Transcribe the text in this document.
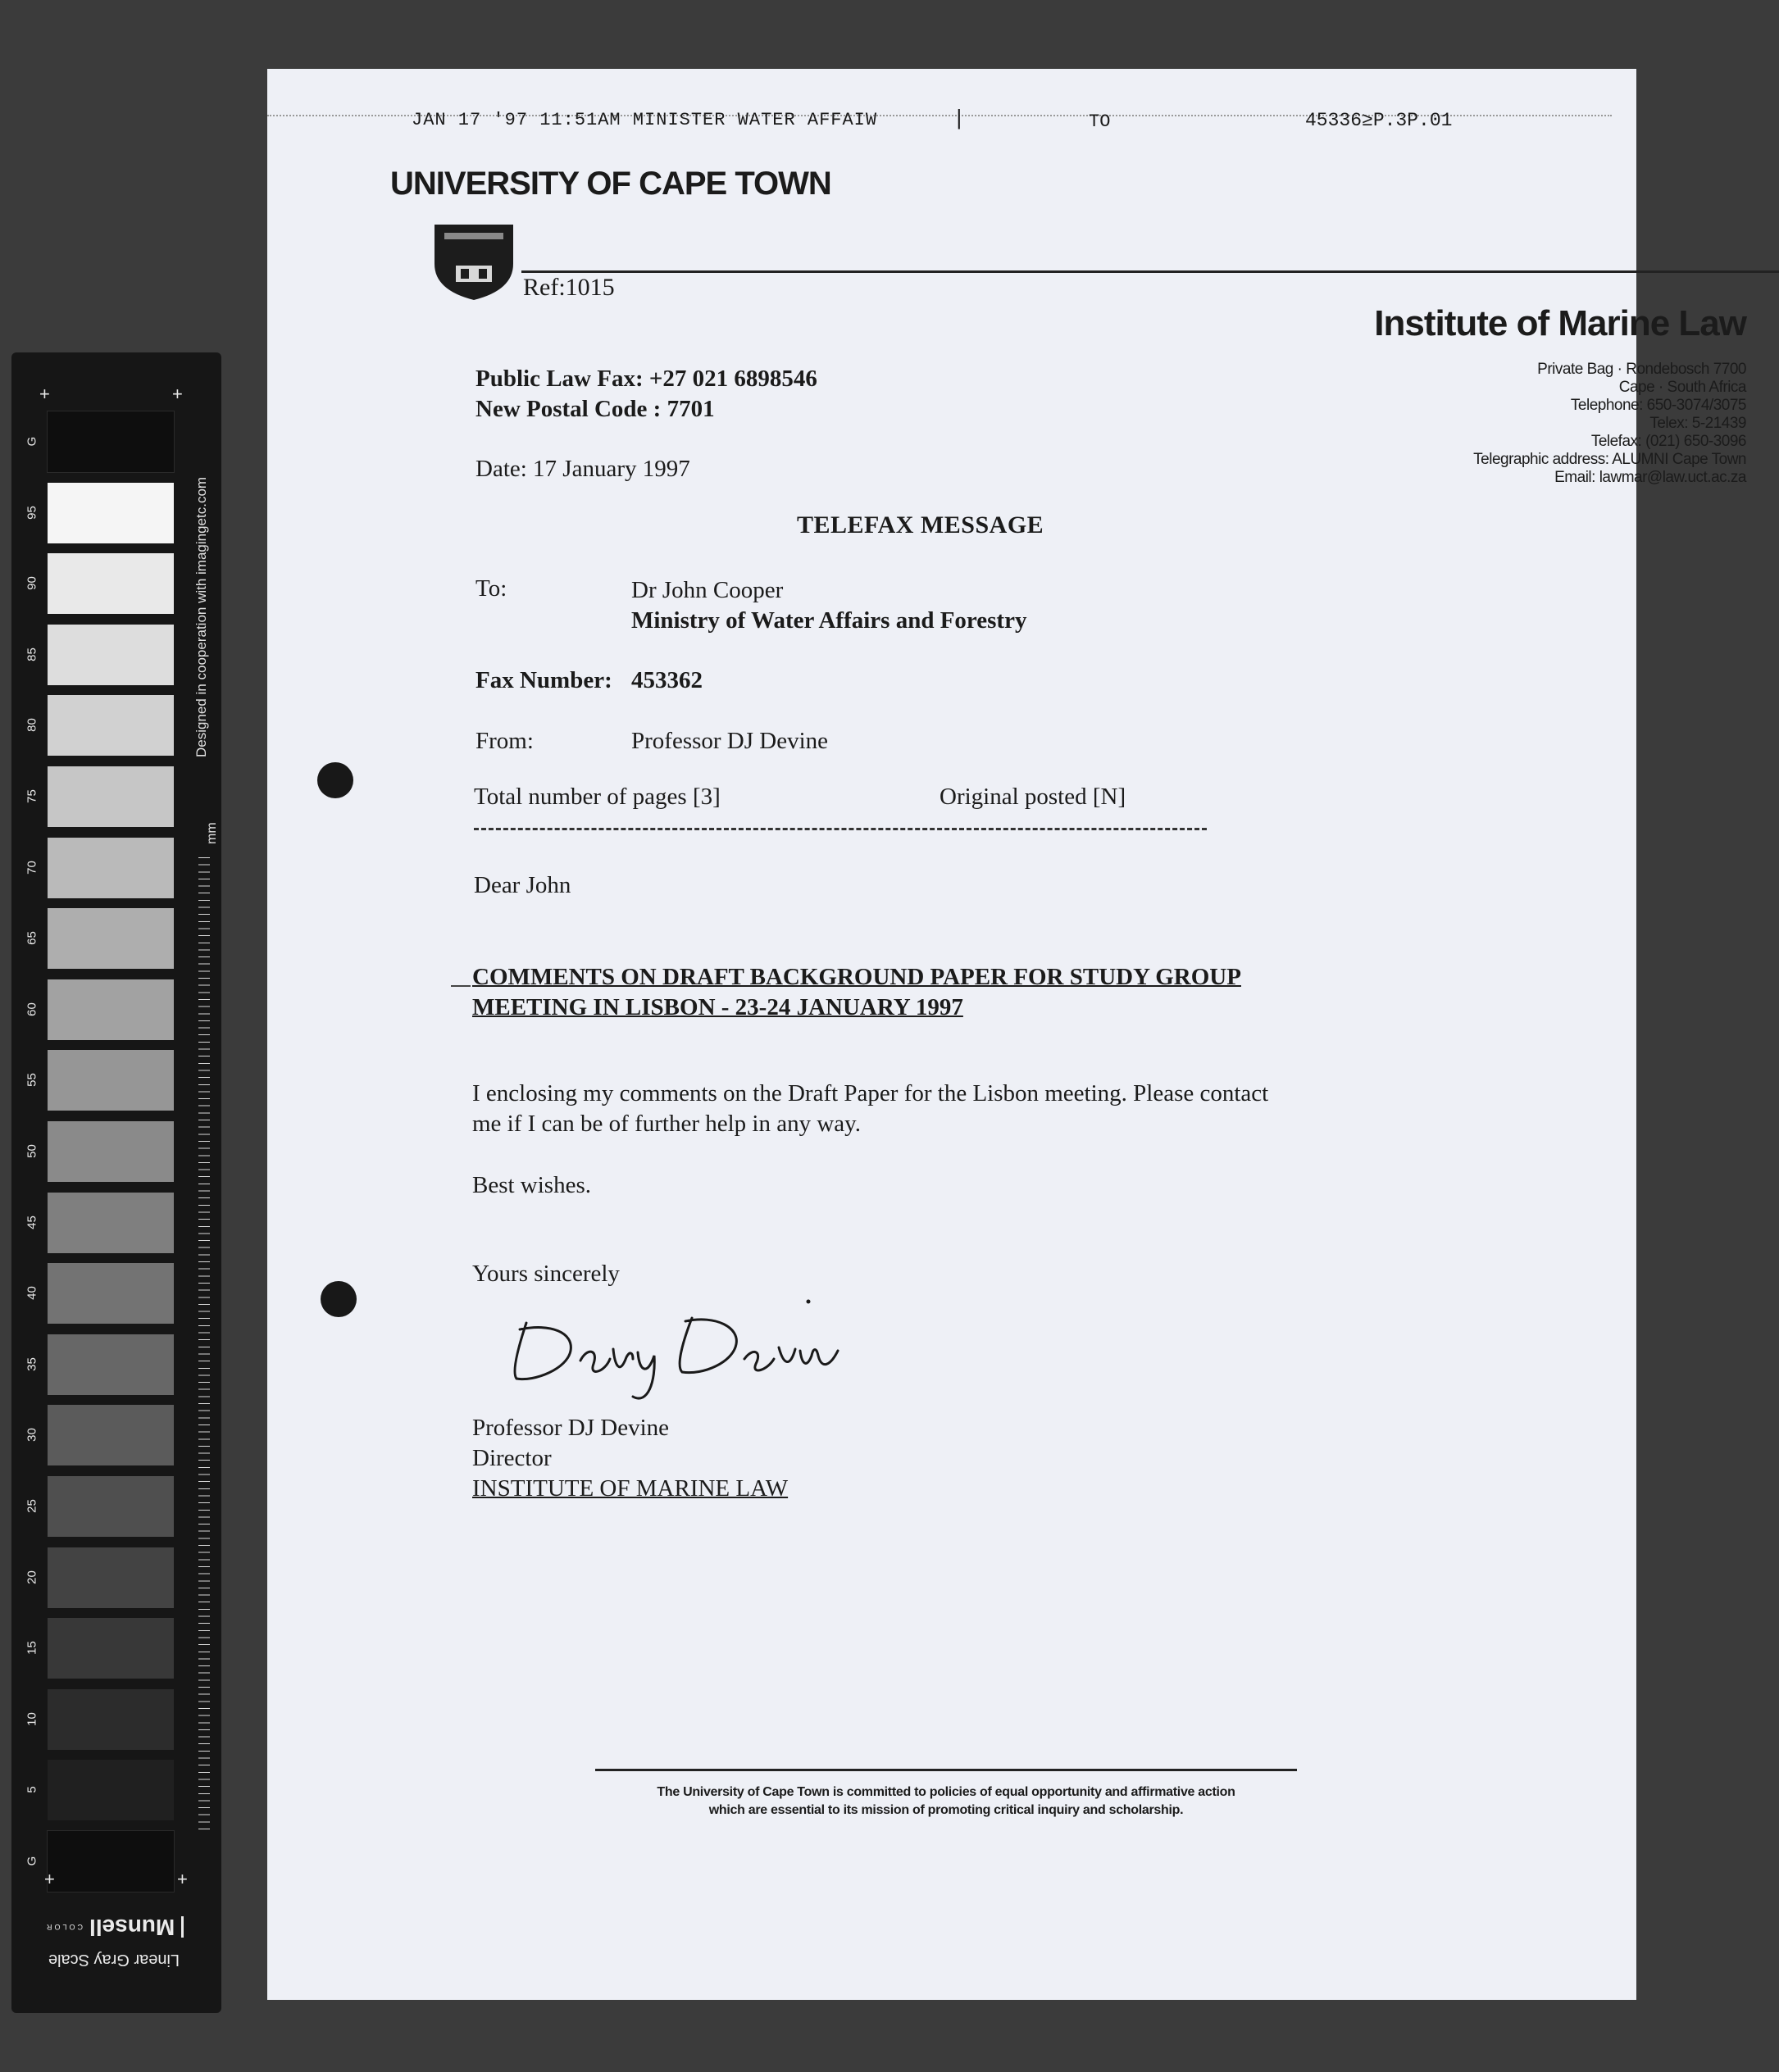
+	+
G
95
90
85
80
75
70
65
60
55
50
45
40
35
30
25
20
15
10
5
G
mm
Designed in cooperation with imagingetc.com
+	+
Linear Gray Scale
Munsell
COLOR
JAN 17 '97 11:51AM MINISTER WATER AFFAIW	|	TO	45336≥P.3P.01
UNIVERSITY OF CAPE TOWN
Ref:1015
Institute of Marine Law
Private Bag · Rondebosch 7700
Cape · South Africa
Telephone: 650-3074/3075
Telex: 5-21439
Telefax: (021) 650-3096
Telegraphic address: ALUMNI Cape Town
Email: lawmar@law.uct.ac.za
Public Law Fax: +27 021 6898546
New Postal Code : 7701
Date: 17 January 1997
TELEFAX MESSAGE
To:	Dr John Cooper
Ministry of Water Affairs and Forestry
Fax Number: 453362
From:	Professor DJ Devine
Total number of pages [3]	Original posted [N]
Dear John
COMMENTS ON DRAFT BACKGROUND PAPER FOR STUDY GROUP
MEETING IN LISBON - 23-24 JANUARY 1997
I enclosing my comments on the Draft Paper for the Lisbon meeting. Please contact
me if I can be of further help in any way.
Best wishes.
Yours sincerely
Professor DJ Devine
Director
INSTITUTE OF MARINE LAW
The University of Cape Town is committed to policies of equal opportunity and affirmative action
which are essential to its mission of promoting critical inquiry and scholarship.
